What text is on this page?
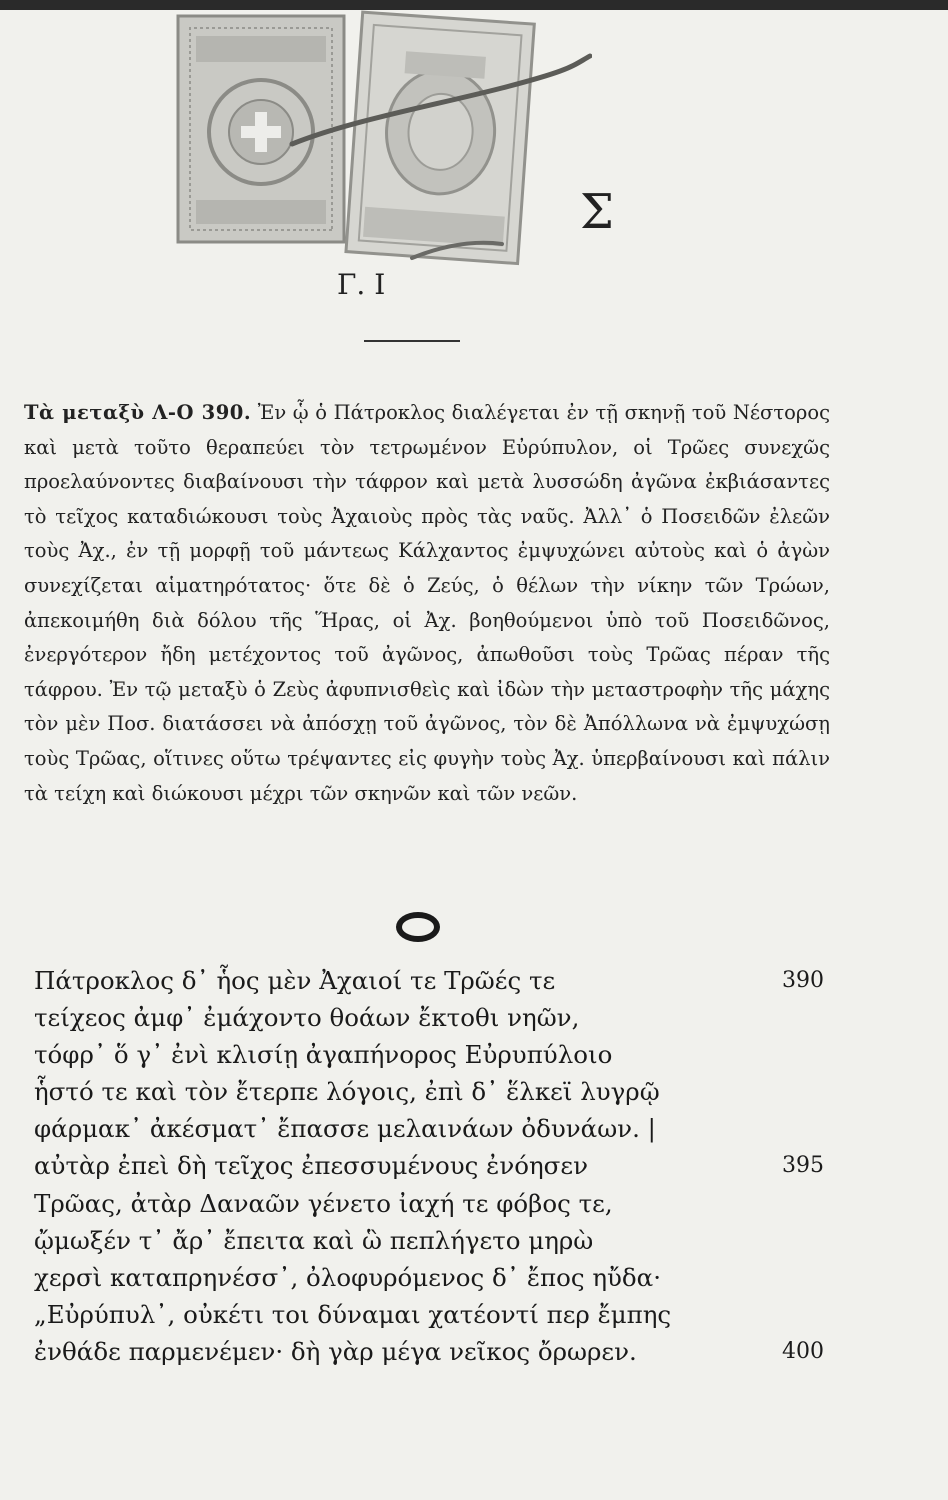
Σ
Γ. Ι
Τὰ μεταξὺ Λ-Ο 390. Ἐν ᾧ ὁ Πάτροκλος διαλέγεται ἐν τῇ σκηνῇ τοῦ Νέστορος καὶ μετὰ τοῦτο θεραπεύει τὸν τετρωμένον Εὐρύπυλον, οἱ Τρῶες συνεχῶς προελαύνοντες διαβαίνουσι τὴν τάφρον καὶ μετὰ λυσσώδη ἀγῶνα ἐκβιάσαντες τὸ τεῖχος καταδιώκουσι τοὺς Ἀχαιοὺς πρὸς τὰς ναῦς. Ἀλλ᾽ ὁ Ποσειδῶν ἐλεῶν τοὺς Ἀχ., ἐν τῇ μορφῇ τοῦ μάντεως Κάλχαντος ἐμψυχώνει αὐτοὺς καὶ ὁ ἀγὼν συνεχίζεται αἱματηρότατος· ὅτε δὲ ὁ Ζεύς, ὁ θέλων τὴν νίκην τῶν Τρώων, ἀπεκοιμήθη διὰ δόλου τῆς Ἥρας, οἱ Ἀχ. βοηθούμενοι ὑπὸ τοῦ Ποσειδῶνος, ἐνεργότερον ἤδη μετέχοντος τοῦ ἀγῶνος, ἀπωθοῦσι τοὺς Τρῶας πέραν τῆς τάφρου. Ἐν τῷ μεταξὺ ὁ Ζεὺς ἀφυπνισθεὶς καὶ ἰδὼν τὴν μεταστροφὴν τῆς μάχης τὸν μὲν Ποσ. διατάσσει νὰ ἀπόσχῃ τοῦ ἀγῶνος, τὸν δὲ Ἀπόλλωνα νὰ ἐμψυχώσῃ τοὺς Τρῶας, οἵτινες οὕτω τρέψαντες εἰς φυγὴν τοὺς Ἀχ. ὑπερβαίνουσι καὶ πάλιν τὰ τείχη καὶ διώκουσι μέχρι τῶν σκηνῶν καὶ τῶν νεῶν.
Πάτροκλος δ᾽ ἧος μὲν Ἀχαιοί τε Τρῶές τε	390
τείχεος ἀμφ᾽ ἐμάχοντο θοάων ἔκτοθι νηῶν,
τόφρ᾽ ὅ γ᾽ ἐνὶ κλισίῃ ἀγαπήνορος Εὐρυπύλοιο
ἧστό τε καὶ τὸν ἔτερπε λόγοις, ἐπὶ δ᾽ ἕλκεϊ λυγρῷ
φάρμακ᾽ ἀκέσματ᾽ ἔπασσε μελαινάων ὀδυνάων. |
αὐτὰρ ἐπεὶ δὴ τεῖχος ἐπεσσυμένους ἐνόησεν	395
Τρῶας, ἀτὰρ Δαναῶν γένετο ἰαχή τε φόβος τε,
ᾤμωξέν τ᾽ ἄρ᾽ ἔπειτα καὶ ὣ πεπλήγετο μηρὼ
χερσὶ καταπρηνέσσ᾽, ὀλοφυρόμενος δ᾽ ἔπος ηὔδα·
„Εὐρύπυλ᾽, οὐκέτι τοι δύναμαι χατέοντί περ ἔμπης
ἐνθάδε παρμενέμεν· δὴ γὰρ μέγα νεῖκος ὄρωρεν.	400
